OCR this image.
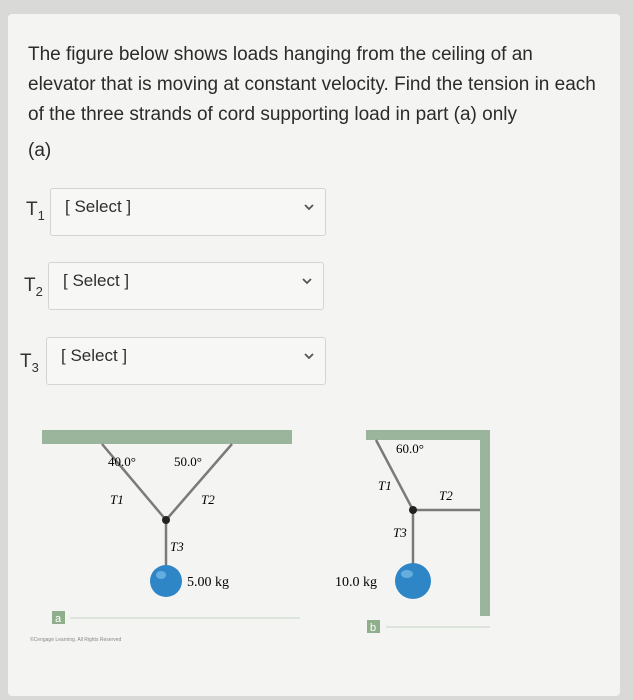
The figure below shows loads hanging from the ceiling of an elevator that is moving at constant velocity. Find the tension in each of the three strands of cord supporting load in part (a) only
(a)
$T_1$ [ Select ]
$T_2$
[ Select ]
$T_3$
[ Select ]
40.0°	50.0°
T1	T2
T3
5.00 kg
a
©Cengage Learning. All Rights Reserved
60.0°
T1
T2
T3
10.0 kg
b
